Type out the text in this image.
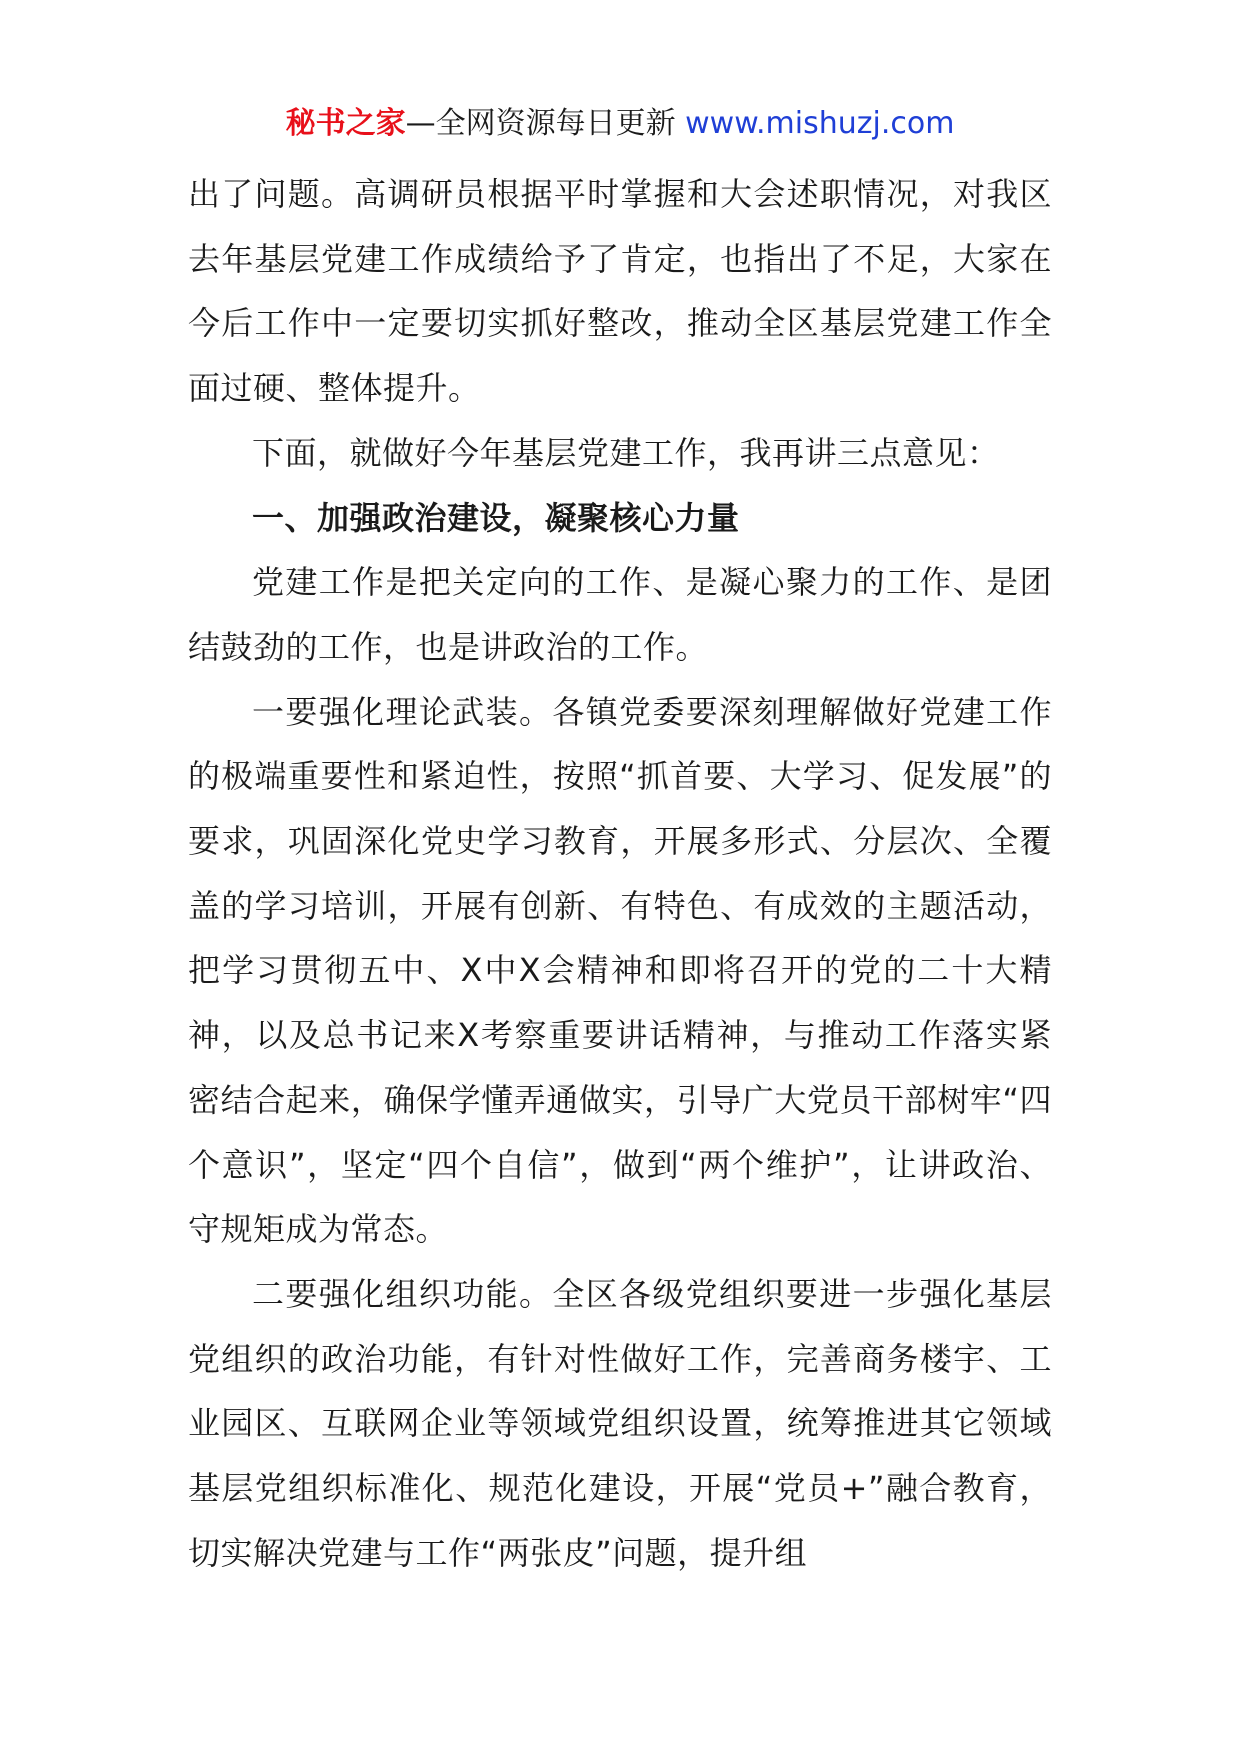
秘书之家—全网资源每日更新 www.mishuzj.com

出了问题。高调研员根据平时掌握和大会述职情况，对我区去年基层党建工作成绩给予了肯定，也指出了不足，大家在今后工作中一定要切实抓好整改，推动全区基层党建工作全面过硬、整体提升。

下面，就做好今年基层党建工作，我再讲三点意见：

一、加强政治建设，凝聚核心力量

党建工作是把关定向的工作、是凝心聚力的工作、是团结鼓劲的工作，也是讲政治的工作。

一要强化理论武装。各镇党委要深刻理解做好党建工作的极端重要性和紧迫性，按照“抓首要、大学习、促发展”的要求，巩固深化党史学习教育，开展多形式、分层次、全覆盖的学习培训，开展有创新、有特色、有成效的主题活动，把学习贯彻五中、X中X会精神和即将召开的党的二十大精神，以及总书记来X考察重要讲话精神，与推动工作落实紧密结合起来，确保学懂弄通做实，引导广大党员干部树牢“四个意识”，坚定“四个自信”，做到“两个维护”，让讲政治、守规矩成为常态。

二要强化组织功能。全区各级党组织要进一步强化基层党组织的政治功能，有针对性做好工作，完善商务楼宇、工业园区、互联网企业等领域党组织设置，统筹推进其它领域基层党组织标准化、规范化建设，开展“党员+”融合教育，切实解决党建与工作“两张皮”问题，提升组
